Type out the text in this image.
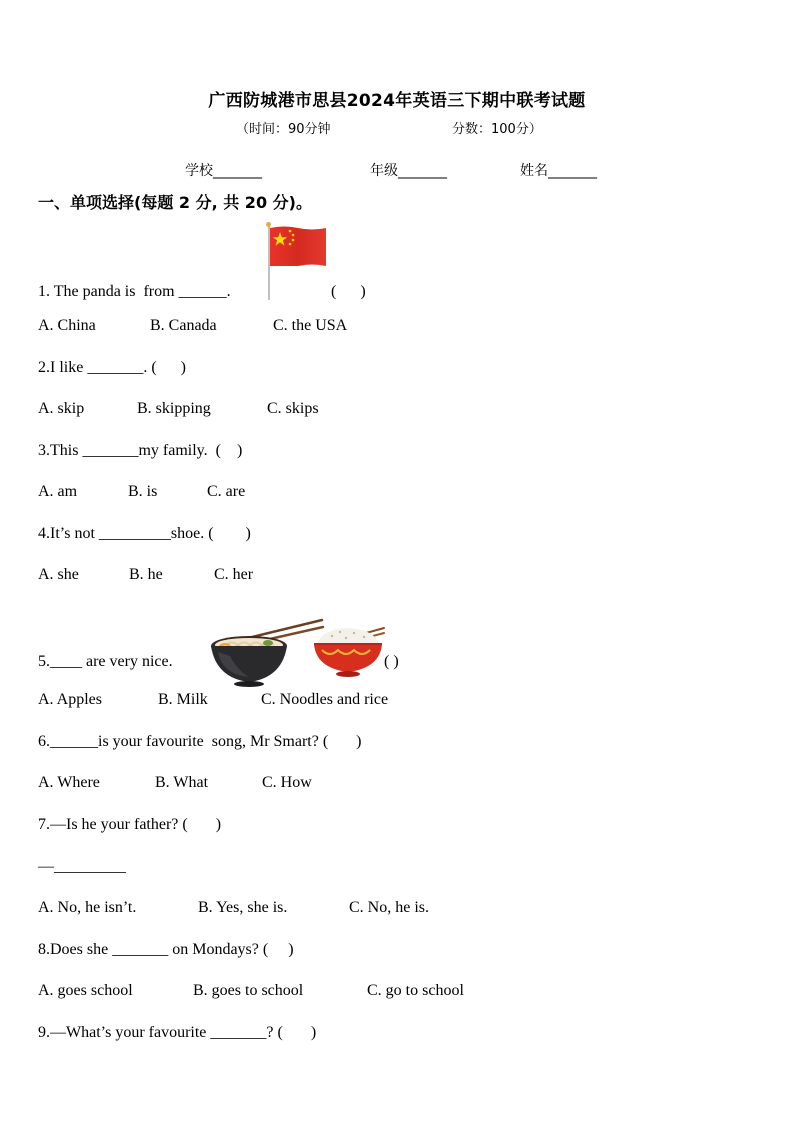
广西防城港市思县2024年英语三下期中联考试题
（时间：90分钟	分数：100分）
学校_______	年级_______	姓名_______
一、单项选择(每题 2 分, 共 20 分)。

1. The panda is  from ______.	(      )
A. China	B. Canada	C. the USA
2.I like _______. (      )
A. skip	B. skipping	C. skips
3.This _______my family.  (    )
A. am	B. is	C. are
4.It’s not _________shoe. (        )
A. she	B. he	C. her

5.____ are very nice.	( )
A. Apples	B. Milk	C. Noodles and rice
6.______is your favourite  song, Mr Smart? (       )
A. Where	B. What	C. How
7.—Is he your father? (       )
—_________
A. No, he isn’t.	B. Yes, she is.	C. No, he is.
8.Does she _______ on Mondays? (     )
A. goes school	B. goes to school	C. go to school
9.—What’s your favourite _______? (       )
